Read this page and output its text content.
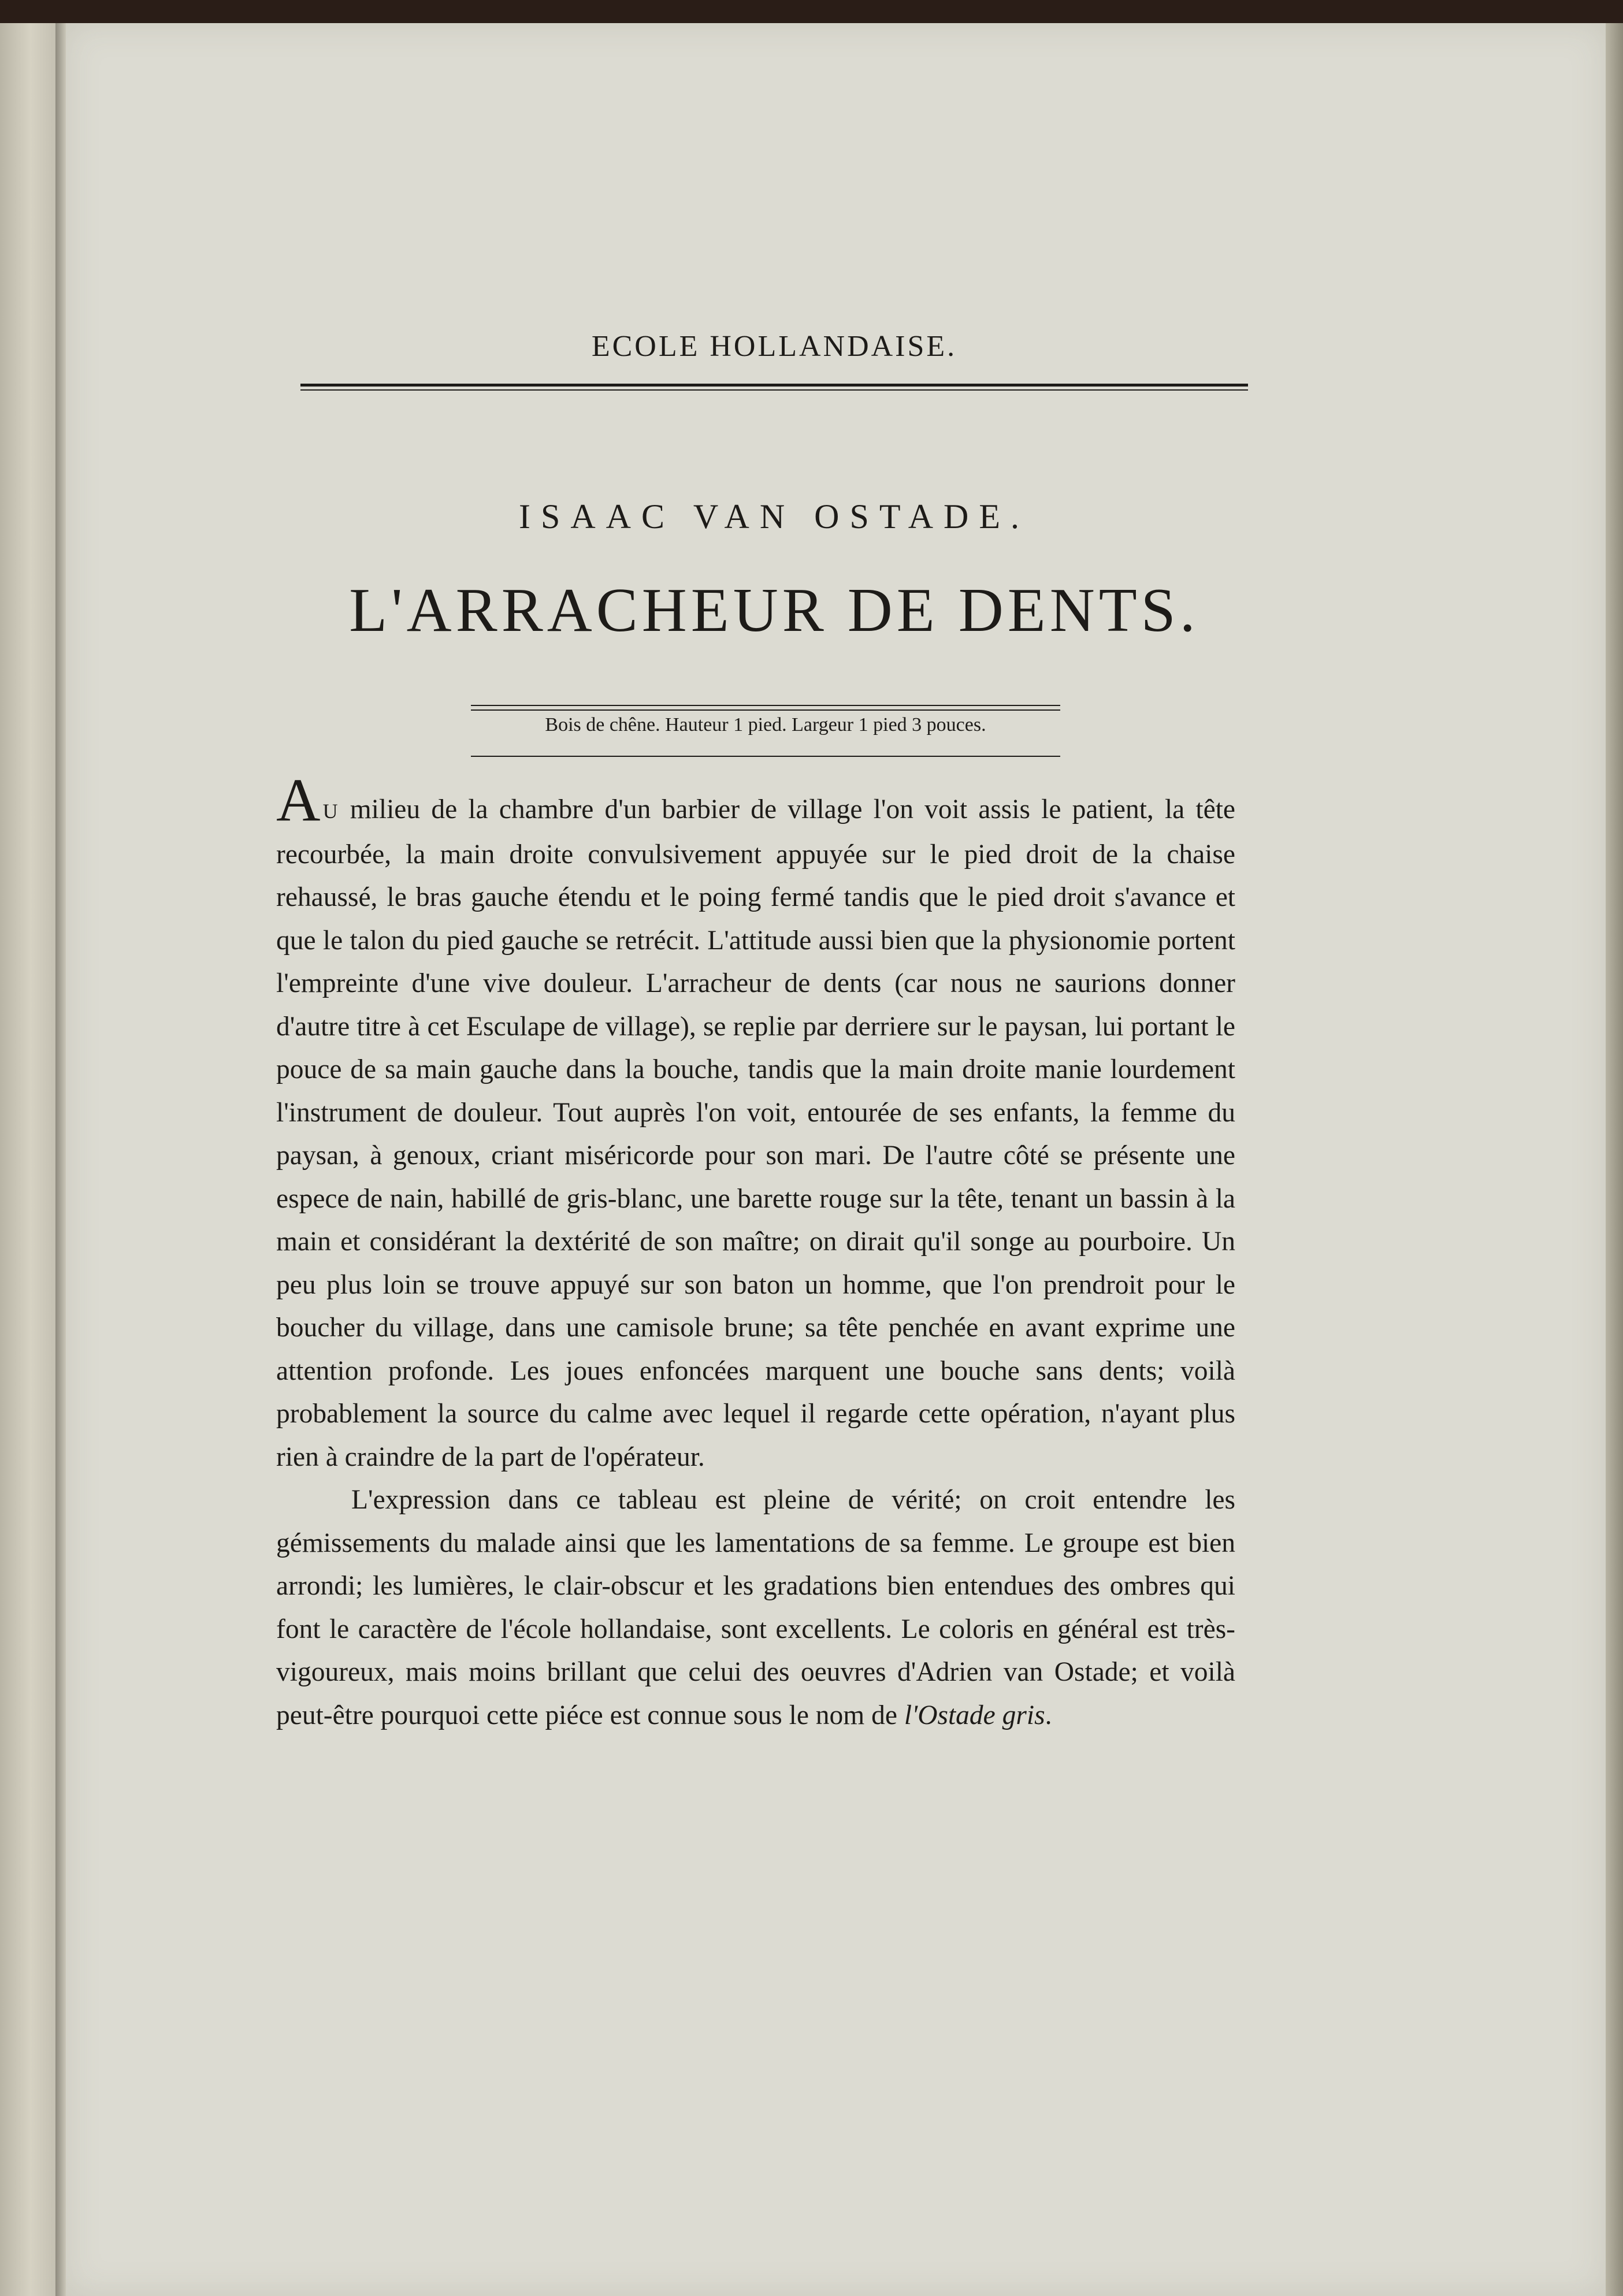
ECOLE HOLLANDAISE.
ISAAC VAN OSTADE.
L'ARRACHEUR DE DENTS.
Bois de chêne. Hauteur 1 pied. Largeur 1 pied 3 pouces.

A U milieu de la chambre d'un barbier de village l'on voit assis le patient, la tête recourbée, la main droite convulsivement appuyée sur le pied droit de la chaise rehaussé, le bras gauche étendu et le poing fermé tandis que le pied droit s'avance et que le talon du pied gauche se retrécit. L'attitude aussi bien que la physionomie portent l'empreinte d'une vive douleur. L'arracheur de dents (car nous ne saurions donner d'autre titre à cet Esculape de village), se replie par derriere sur le paysan, lui portant le pouce de sa main gauche dans la bouche, tandis que la main droite manie lourdement l'instrument de douleur. Tout auprès l'on voit, entourée de ses enfants, la femme du paysan, à genoux, criant miséricorde pour son mari. De l'autre côté se présente une espece de nain, habillé de gris-blanc, une barette rouge sur la tête, tenant un bassin à la main et considérant la dextérité de son maître; on dirait qu'il songe au pourboire. Un peu plus loin se trouve appuyé sur son baton un homme, que l'on prendroit pour le boucher du village, dans une camisole brune; sa tête penchée en avant exprime une attention profonde. Les joues enfoncées marquent une bouche sans dents; voilà probablement la source du calme avec lequel il regarde cette opération, n'ayant plus rien à craindre de la part de l'opérateur.

L'expression dans ce tableau est pleine de vérité; on croit entendre les gémissements du malade ainsi que les lamentations de sa femme. Le groupe est bien arrondi; les lumières, le clair-obscur et les gradations bien entendues des ombres qui font le caractère de l'école hollandaise, sont excellents. Le coloris en général est très-vigoureux, mais moins brillant que celui des oeuvres d'Adrien van Ostade; et voilà peut-être pourquoi cette piéce est connue sous le nom de l'Ostade gris.
